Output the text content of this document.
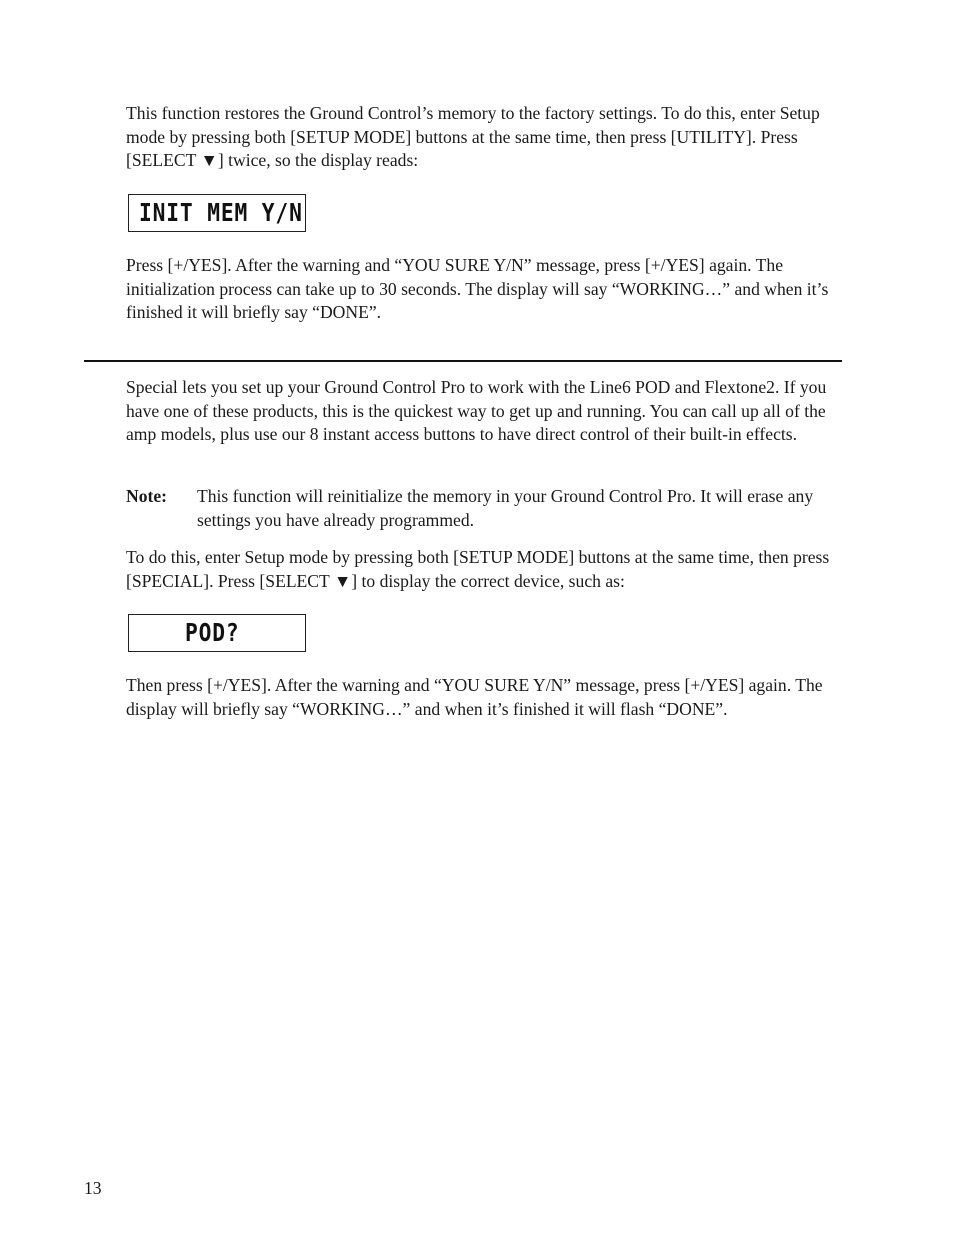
This function restores the Ground Control’s memory to the factory settings. To do this, enter Setup mode by pressing both [SETUP MODE] buttons at the same time, then press [UTILITY]. Press [SELECT ▼] twice, so the display reads:

INIT MEM Y/N

Press [+/YES]. After the warning and “YOU SURE Y/N” message, press [+/YES] again. The initialization process can take up to 30 seconds. The display will say “WORKING…” and when it’s finished it will briefly say “DONE”.

Special lets you set up your Ground Control Pro to work with the Line6 POD and Flextone2. If you have one of these products, this is the quickest way to get up and running. You can call up all of the amp models, plus use our 8 instant access buttons to have direct control of their built-in effects.

Note: This function will reinitialize the memory in your Ground Control Pro. It will erase any settings you have already programmed.

To do this, enter Setup mode by pressing both [SETUP MODE] buttons at the same time, then press [SPECIAL]. Press [SELECT ▼] to display the correct device, such as:

POD?

Then press [+/YES]. After the warning and “YOU SURE Y/N” message, press [+/YES] again. The display will briefly say “WORKING…” and when it’s finished it will flash “DONE”.

13
